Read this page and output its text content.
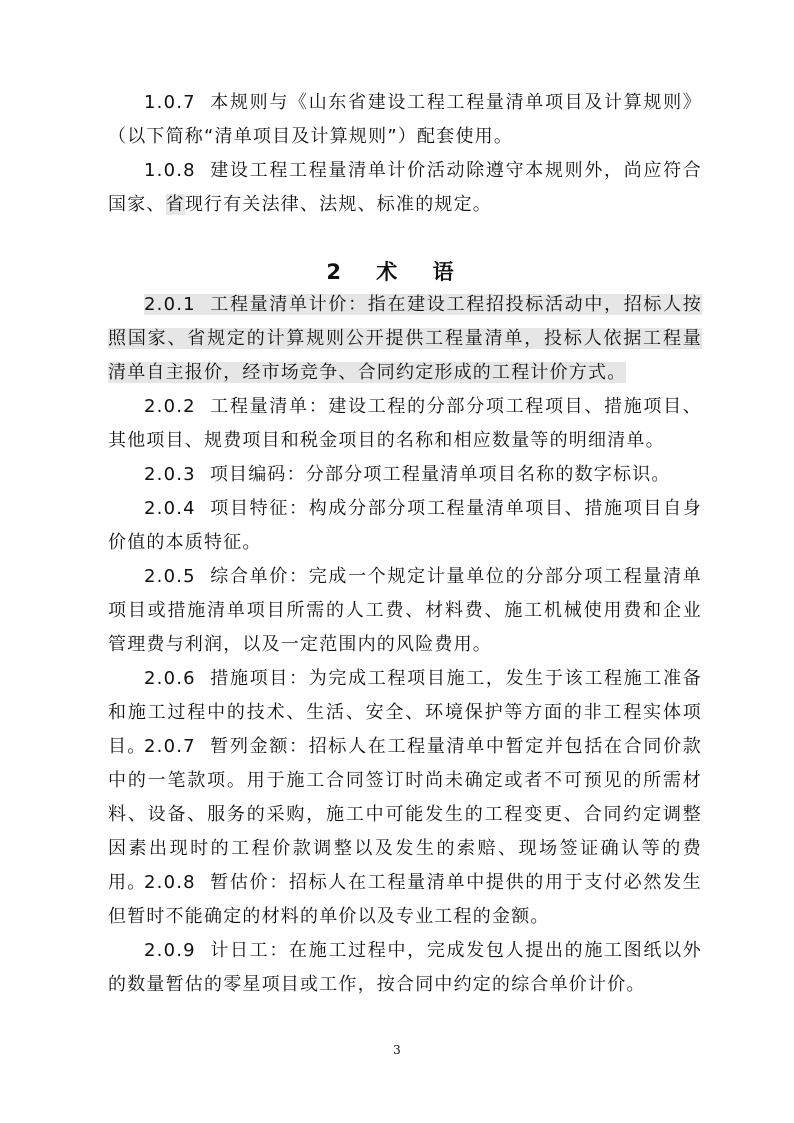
1.0.7 本规则与《山东省建设工程工程量清单项目及计算规则》（以下简称“清单项目及计算规则”）配套使用。

1.0.8 建设工程工程量清单计价活动除遵守本规则外，尚应符合国家、省现行有关法律、法规、标准的规定。

2 术 语

2.0.1 工程量清单计价：指在建设工程招投标活动中，招标人按照国家、省规定的计算规则公开提供工程量清单，投标人依据工程量清单自主报价，经市场竞争、合同约定形成的工程计价方式。

2.0.2 工程量清单：建设工程的分部分项工程项目、措施项目、其他项目、规费项目和税金项目的名称和相应数量等的明细清单。

2.0.3 项目编码：分部分项工程量清单项目名称的数字标识。

2.0.4 项目特征：构成分部分项工程量清单项目、措施项目自身价值的本质特征。

2.0.5 综合单价：完成一个规定计量单位的分部分项工程量清单项目或措施清单项目所需的人工费、材料费、施工机械使用费和企业管理费与利润，以及一定范围内的风险费用。

2.0.6 措施项目：为完成工程项目施工，发生于该工程施工准备和施工过程中的技术、生活、安全、环境保护等方面的非工程实体项目。

2.0.7 暂列金额：招标人在工程量清单中暂定并包括在合同价款中的一笔款项。用于施工合同签订时尚未确定或者不可预见的所需材料、设备、服务的采购，施工中可能发生的工程变更、合同约定调整因素出现时的工程价款调整以及发生的索赔、现场签证确认等的费用。

2.0.8 暂估价：招标人在工程量清单中提供的用于支付必然发生但暂时不能确定的材料的单价以及专业工程的金额。

2.0.9 计日工：在施工过程中，完成发包人提出的施工图纸以外的数量暂估的零星项目或工作，按合同中约定的综合单价计价。

3
